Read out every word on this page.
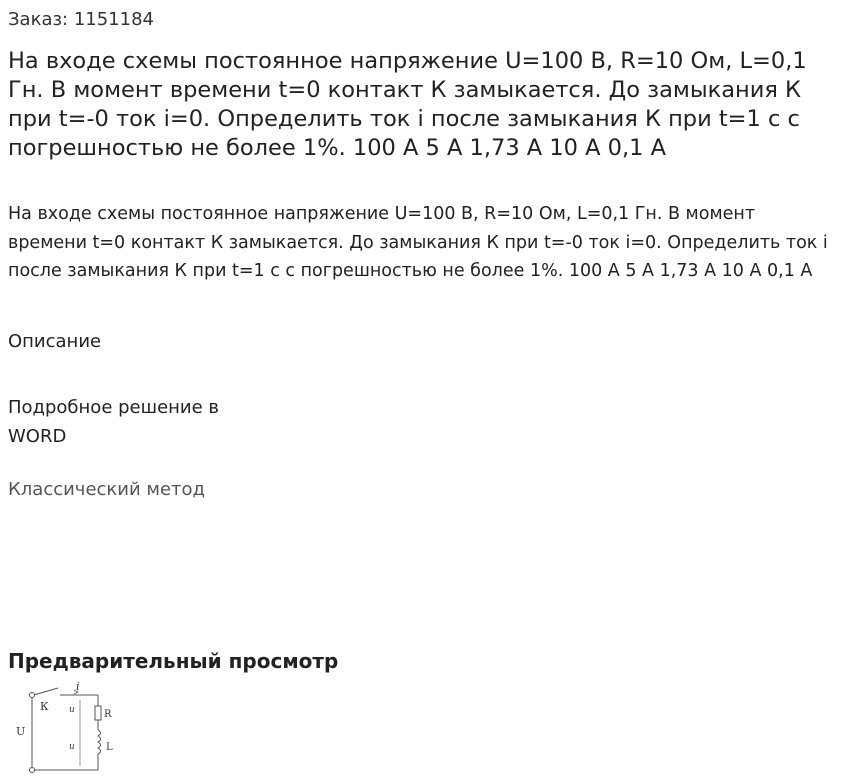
Заказ: 1151184
На входе схемы постоянное напряжение U=100 В, R=10 Ом, L=0,1 Гн. В момент времени t=0 контакт К замыкается. До замыкания К при t=-0 ток i=0. Определить ток i после замыкания К при t=1 с с погрешностью не более 1%. 100 А 5 А 1,73 А 10 А 0,1 А

На входе схемы постоянное напряжение U=100 В, R=10 Ом, L=0,1 Гн. В момент времени t=0 контакт К замыкается. До замыкания К при t=-0 ток i=0. Определить ток i после замыкания К при t=1 с с погрешностью не более 1%. 100 А 5 А 1,73 А 10 А 0,1 А

Описание

Подробное решение в WORD

Классический метод
Предварительный просмотр
i
К
U
u
u
R
L
